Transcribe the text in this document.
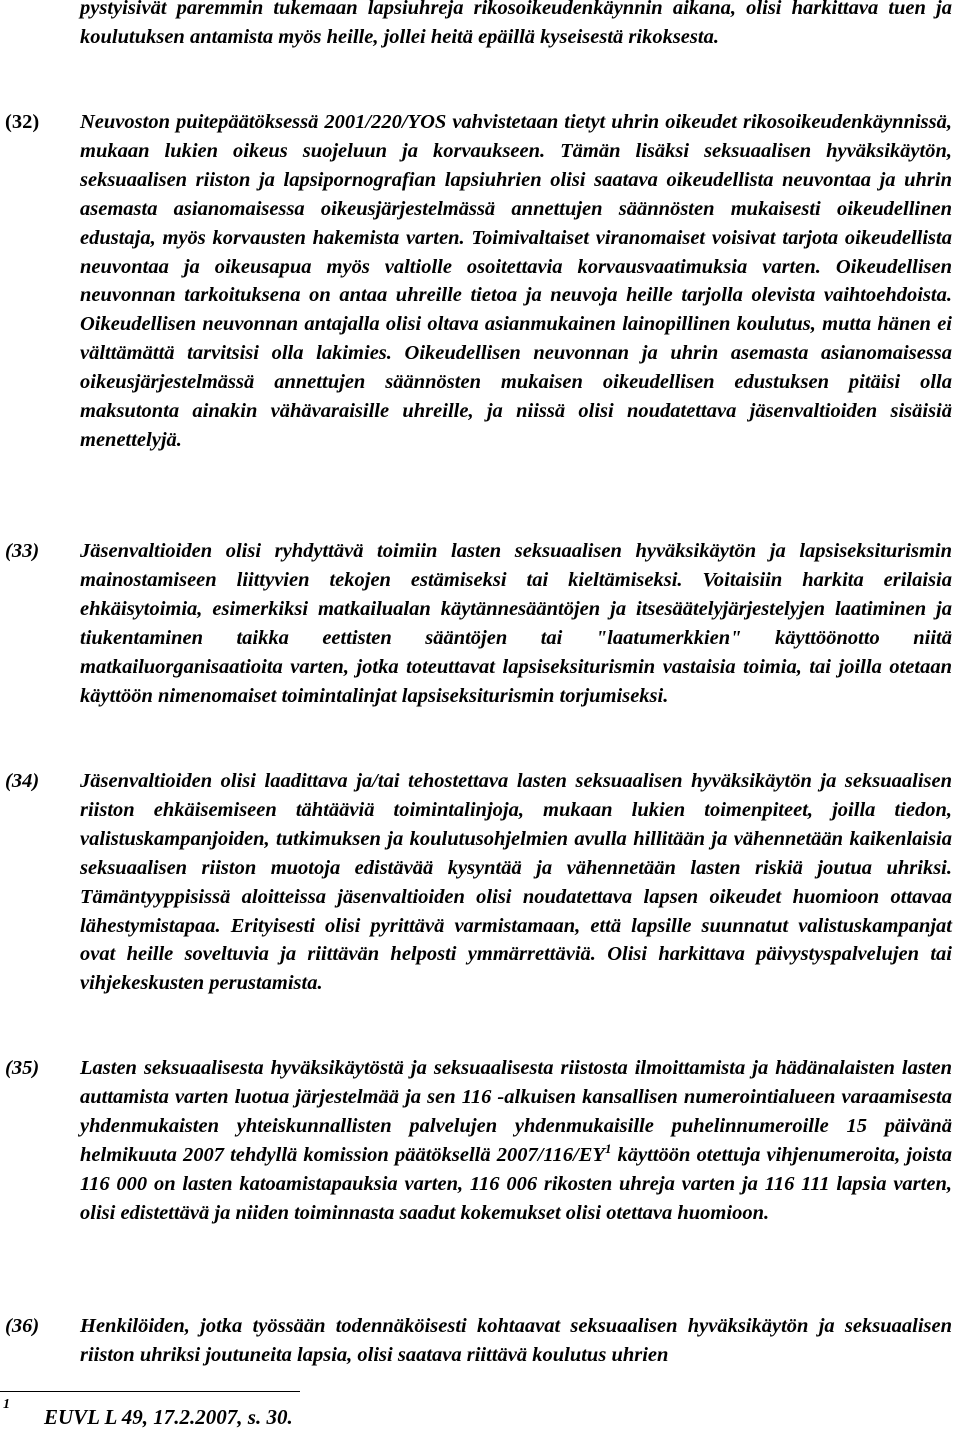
pystyisivät paremmin tukemaan lapsiuhreja rikosoikeudenkäynnin aikana, olisi harkittava tuen ja koulutuksen antamista myös heille, jollei heitä epäillä kyseisestä rikoksesta.
(32)	Neuvoston puitepäätöksessä 2001/220/YOS vahvistetaan tietyt uhrin oikeudet rikosoikeudenkäynnissä, mukaan lukien oikeus suojeluun ja korvaukseen. Tämän lisäksi seksuaalisen hyväksikäytön, seksuaalisen riiston ja lapsipornografian lapsiuhrien olisi saatava oikeudellista neuvontaa ja uhrin asemasta asianomaisessa oikeusjärjestelmässä annettujen säännösten mukaisesti oikeudellinen edustaja, myös korvausten hakemista varten. Toimivaltaiset viranomaiset voisivat tarjota oikeudellista neuvontaa ja oikeusapua myös valtiolle osoitettavia korvausvaatimuksia varten. Oikeudellisen neuvonnan tarkoituksena on antaa uhreille tietoa ja neuvoja heille tarjolla olevista vaihtoehdoista. Oikeudellisen neuvonnan antajalla olisi oltava asianmukainen lainopillinen koulutus, mutta hänen ei välttämättä tarvitsisi olla lakimies. Oikeudellisen neuvonnan ja uhrin asemasta asianomaisessa oikeusjärjestelmässä annettujen säännösten mukaisen oikeudellisen edustuksen pitäisi olla maksutonta ainakin vähävaraisille uhreille, ja niissä olisi noudatettava jäsenvaltioiden sisäisiä menettelyjä.
(33)	Jäsenvaltioiden olisi ryhdyttävä toimiin lasten seksuaalisen hyväksikäytön ja lapsiseksiturismin mainostamiseen liittyvien tekojen estämiseksi tai kieltämiseksi. Voitaisiin harkita erilaisia ehkäisytoimia, esimerkiksi matkailualan käytännesääntöjen ja itsesäätelyjärjestelyjen laatiminen ja tiukentaminen taikka eettisten sääntöjen tai "laatumerkkien" käyttöönotto niitä matkailuorganisaatioita varten, jotka toteuttavat lapsiseksiturismin vastaisia toimia, tai joilla otetaan käyttöön nimenomaiset toimintalinjat lapsiseksiturismin torjumiseksi.
(34)	Jäsenvaltioiden olisi laadittava ja/tai tehostettava lasten seksuaalisen hyväksikäytön ja seksuaalisen riiston ehkäisemiseen tähtääviä toimintalinjoja, mukaan lukien toimenpiteet, joilla tiedon, valistuskampanjoiden, tutkimuksen ja koulutusohjelmien avulla hillitään ja vähennetään kaikenlaisia seksuaalisen riiston muotoja edistävää kysyntää ja vähennetään lasten riskiä joutua uhriksi. Tämäntyyppisissä aloitteissa jäsenvaltioiden olisi noudatettava lapsen oikeudet huomioon ottavaa lähestymistapaa. Erityisesti olisi pyrittävä varmistamaan, että lapsille suunnatut valistuskampanjat ovat heille soveltuvia ja riittävän helposti ymmärrettäviä. Olisi harkittava päivystyspalvelujen tai vihjekeskusten perustamista.
(35)	Lasten seksuaalisesta hyväksikäytöstä ja seksuaalisesta riistosta ilmoittamista ja hädänalaisten lasten auttamista varten luotua järjestelmää ja sen 116 -alkuisen kansallisen numerointialueen varaamisesta yhdenmukaisten yhteiskunnallisten palvelujen yhdenmukaisille puhelinnumeroille 15 päivänä helmikuuta 2007 tehdyllä komission päätöksellä 2007/116/EY$^1$ käyttöön otettuja vihjenumeroita, joista 116 000 on lasten katoamistapauksia varten, 116 006 rikosten uhreja varten ja 116 111 lapsia varten, olisi edistettävä ja niiden toiminnasta saadut kokemukset olisi otettava huomioon.
(36)	Henkilöiden, jotka työssään todennäköisesti kohtaavat seksuaalisen hyväksikäytön ja seksuaalisen riiston uhriksi joutuneita lapsia, olisi saatava riittävä koulutus uhrien
1
EUVL L 49, 17.2.2007, s. 30.
